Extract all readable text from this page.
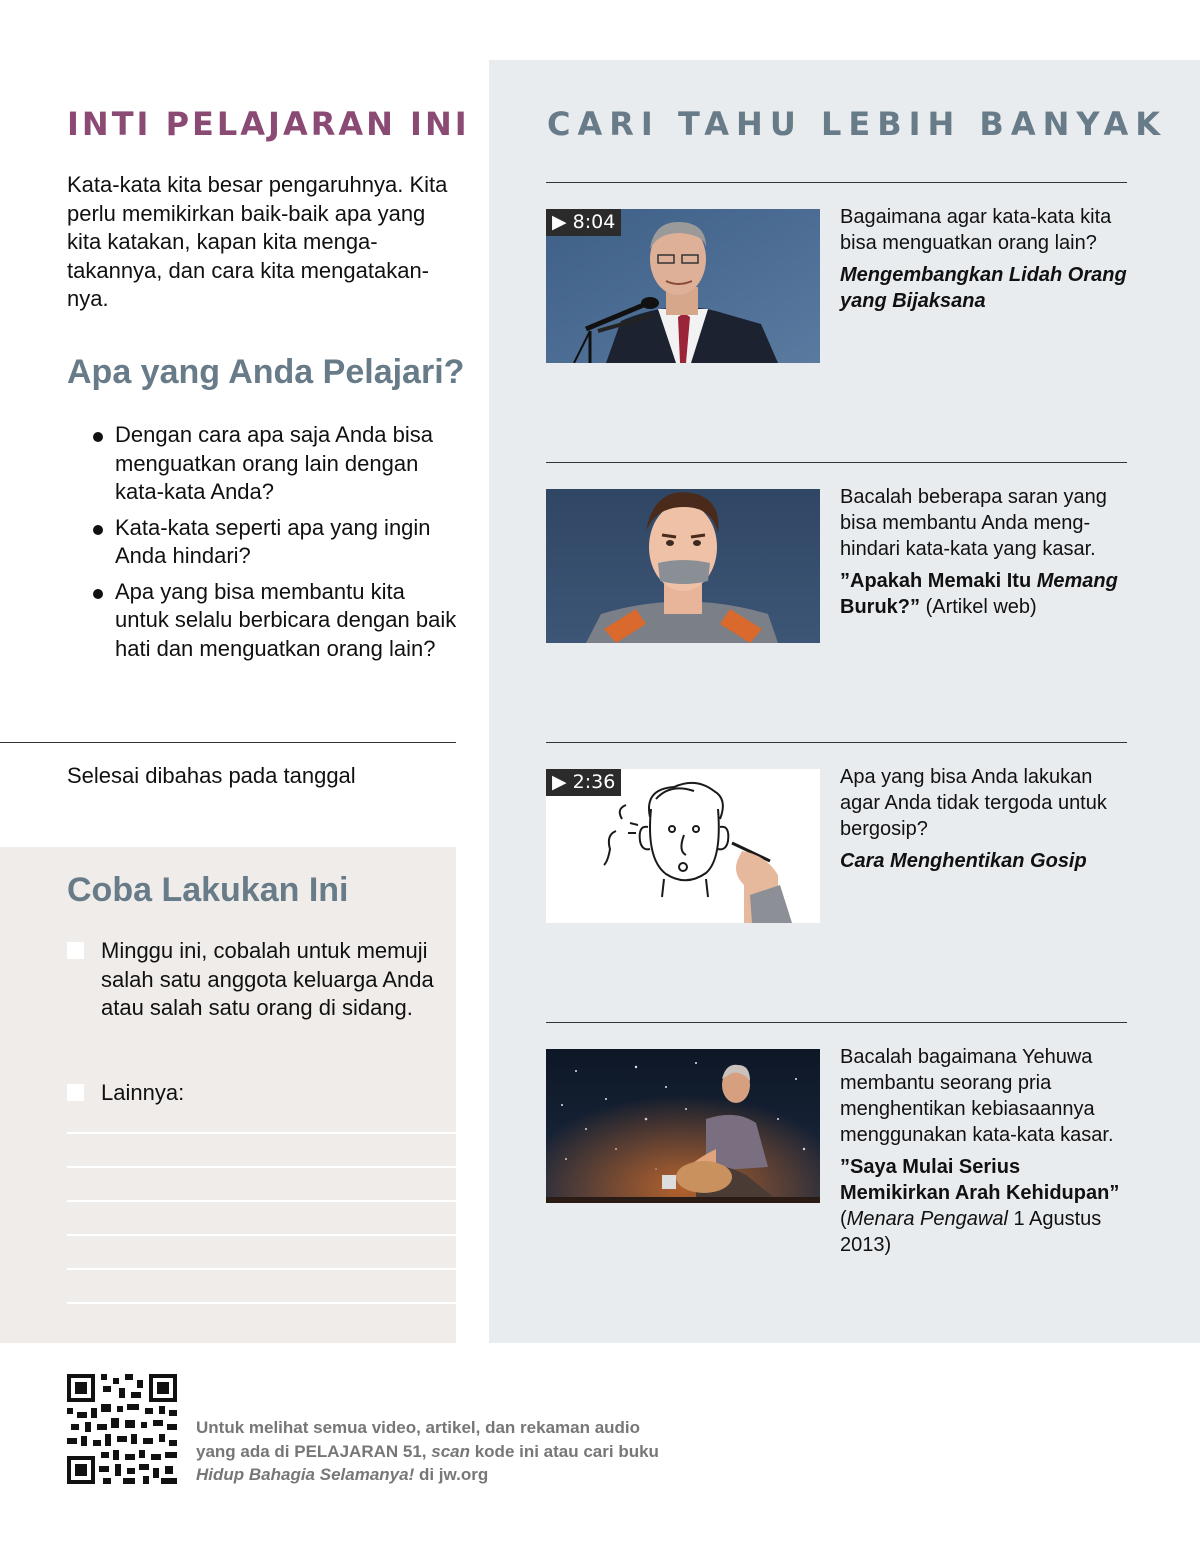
CARI TAHU LEBIH BANYAK
▶ 8:04	Bagaimana agar kata-kata kita bisa menguatkan orang lain?
Mengembangkan Lidah Orang yang Bijaksana
Bacalah beberapa saran yang bisa membantu Anda meng-hindari kata-kata yang kasar.
”Apakah Memaki Itu Memang Buruk?” (Artikel web)
▶ 2:36	Apa yang bisa Anda lakukan agar Anda tidak tergoda untuk bergosip?
Cara Menghentikan Gosip
Bacalah bagaimana Yehuwa membantu seorang pria menghentikan kebiasaannya menggunakan kata-kata kasar.
”Saya Mulai Serius Memikirkan Arah Kehidupan”
(Menara Pengawal 1 Agustus 2013)
INTI PELAJARAN INI
Kata-kata kita besar pengaruhnya. Kita perlu memikirkan baik-baik apa yang kita katakan, kapan kita menga-takannya, dan cara kita mengatakan-nya.
Apa yang Anda Pelajari?
Dengan cara apa saja Anda bisa menguatkan orang lain dengan kata-kata Anda?
Kata-kata seperti apa yang ingin Anda hindari?
Apa yang bisa membantu kita untuk selalu berbicara dengan baik hati dan menguatkan orang lain?
Selesai dibahas pada tanggal
Coba Lakukan Ini
Minggu ini, cobalah untuk memuji salah satu anggota keluarga Anda atau salah satu orang di sidang.
Lainnya:
Untuk melihat semua video, artikel, dan rekaman audio
yang ada di PELAJARAN 51, scan kode ini atau cari buku
Hidup Bahagia Selamanya! di jw.org
